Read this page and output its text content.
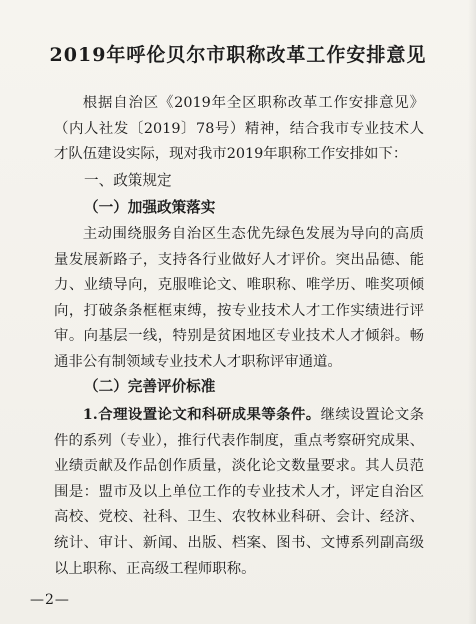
2019年呼伦贝尔市职称改革工作安排意见
根据自治区《2019年全区职称改革工作安排意见》（内人社发〔2019〕78号）精神，结合我市专业技术人才队伍建设实际，现对我市2019年职称工作安排如下：
一、政策规定
（一）加强政策落实
主动围绕服务自治区生态优先绿色发展为导向的高质量发展新路子，支持各行业做好人才评价。突出品德、能力、业绩导向，克服唯论文、唯职称、唯学历、唯奖项倾向，打破条条框框束缚，按专业技术人才工作实绩进行评审。向基层一线，特别是贫困地区专业技术人才倾斜。畅通非公有制领域专业技术人才职称评审通道。
（二）完善评价标准
1.合理设置论文和科研成果等条件。继续设置论文条件的系列（专业），推行代表作制度，重点考察研究成果、业绩贡献及作品创作质量，淡化论文数量要求。其人员范围是：盟市及以上单位工作的专业技术人才，评定自治区高校、党校、社科、卫生、农牧林业科研、会计、经济、统计、审计、新闻、出版、档案、图书、文博系列副高级以上职称、正高级工程师职称。
—2—
